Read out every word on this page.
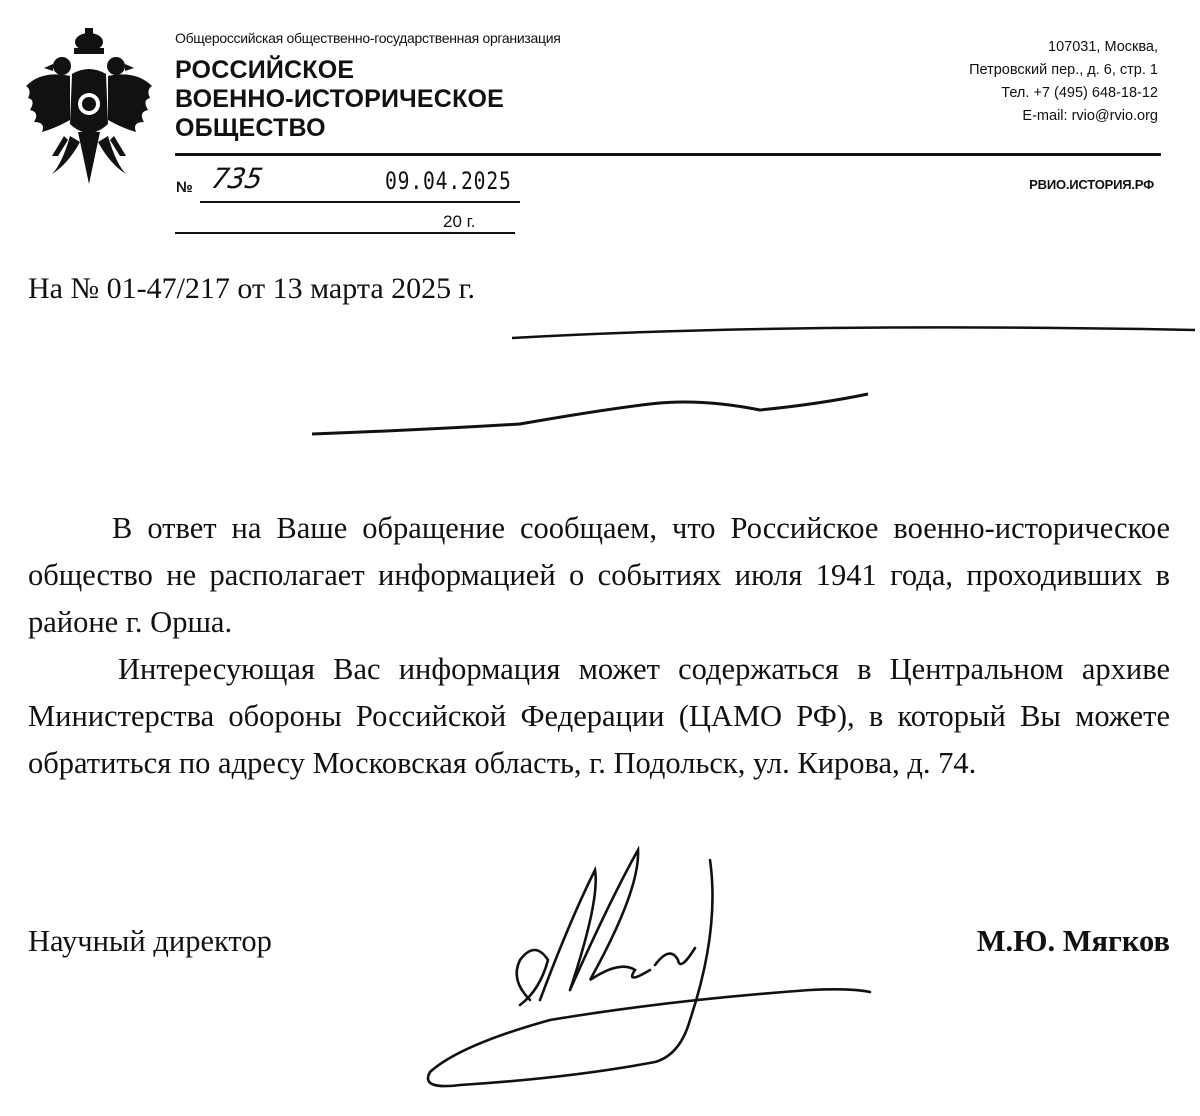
Общероссийская общественно-государственная организация
РОССИЙСКОЕ
ВОЕННО-ИСТОРИЧЕСКОЕ
ОБЩЕСТВО
107031, Москва,
Петровский пер., д. 6, стр. 1
Тел. +7 (495) 648-18-12
E-mail: rvio@rvio.org
РВИО.ИСТОРИЯ.РФ
№ 735	09.04.2025
20 г.
На № 01-47/217 от 13 марта 2025 г.

В ответ на Ваше обращение сообщаем, что Российское военно-историческое общество не располагает информацией о событиях июля 1941 года, проходивших в районе г. Орша.

Интересующая Вас информация может содержаться в Центральном архиве Министерства обороны Российской Федерации (ЦАМО РФ), в который Вы можете обратиться по адресу Московская область, г. Подольск, ул. Кирова, д. 74.

Научный директор	М.Ю. Мягков
